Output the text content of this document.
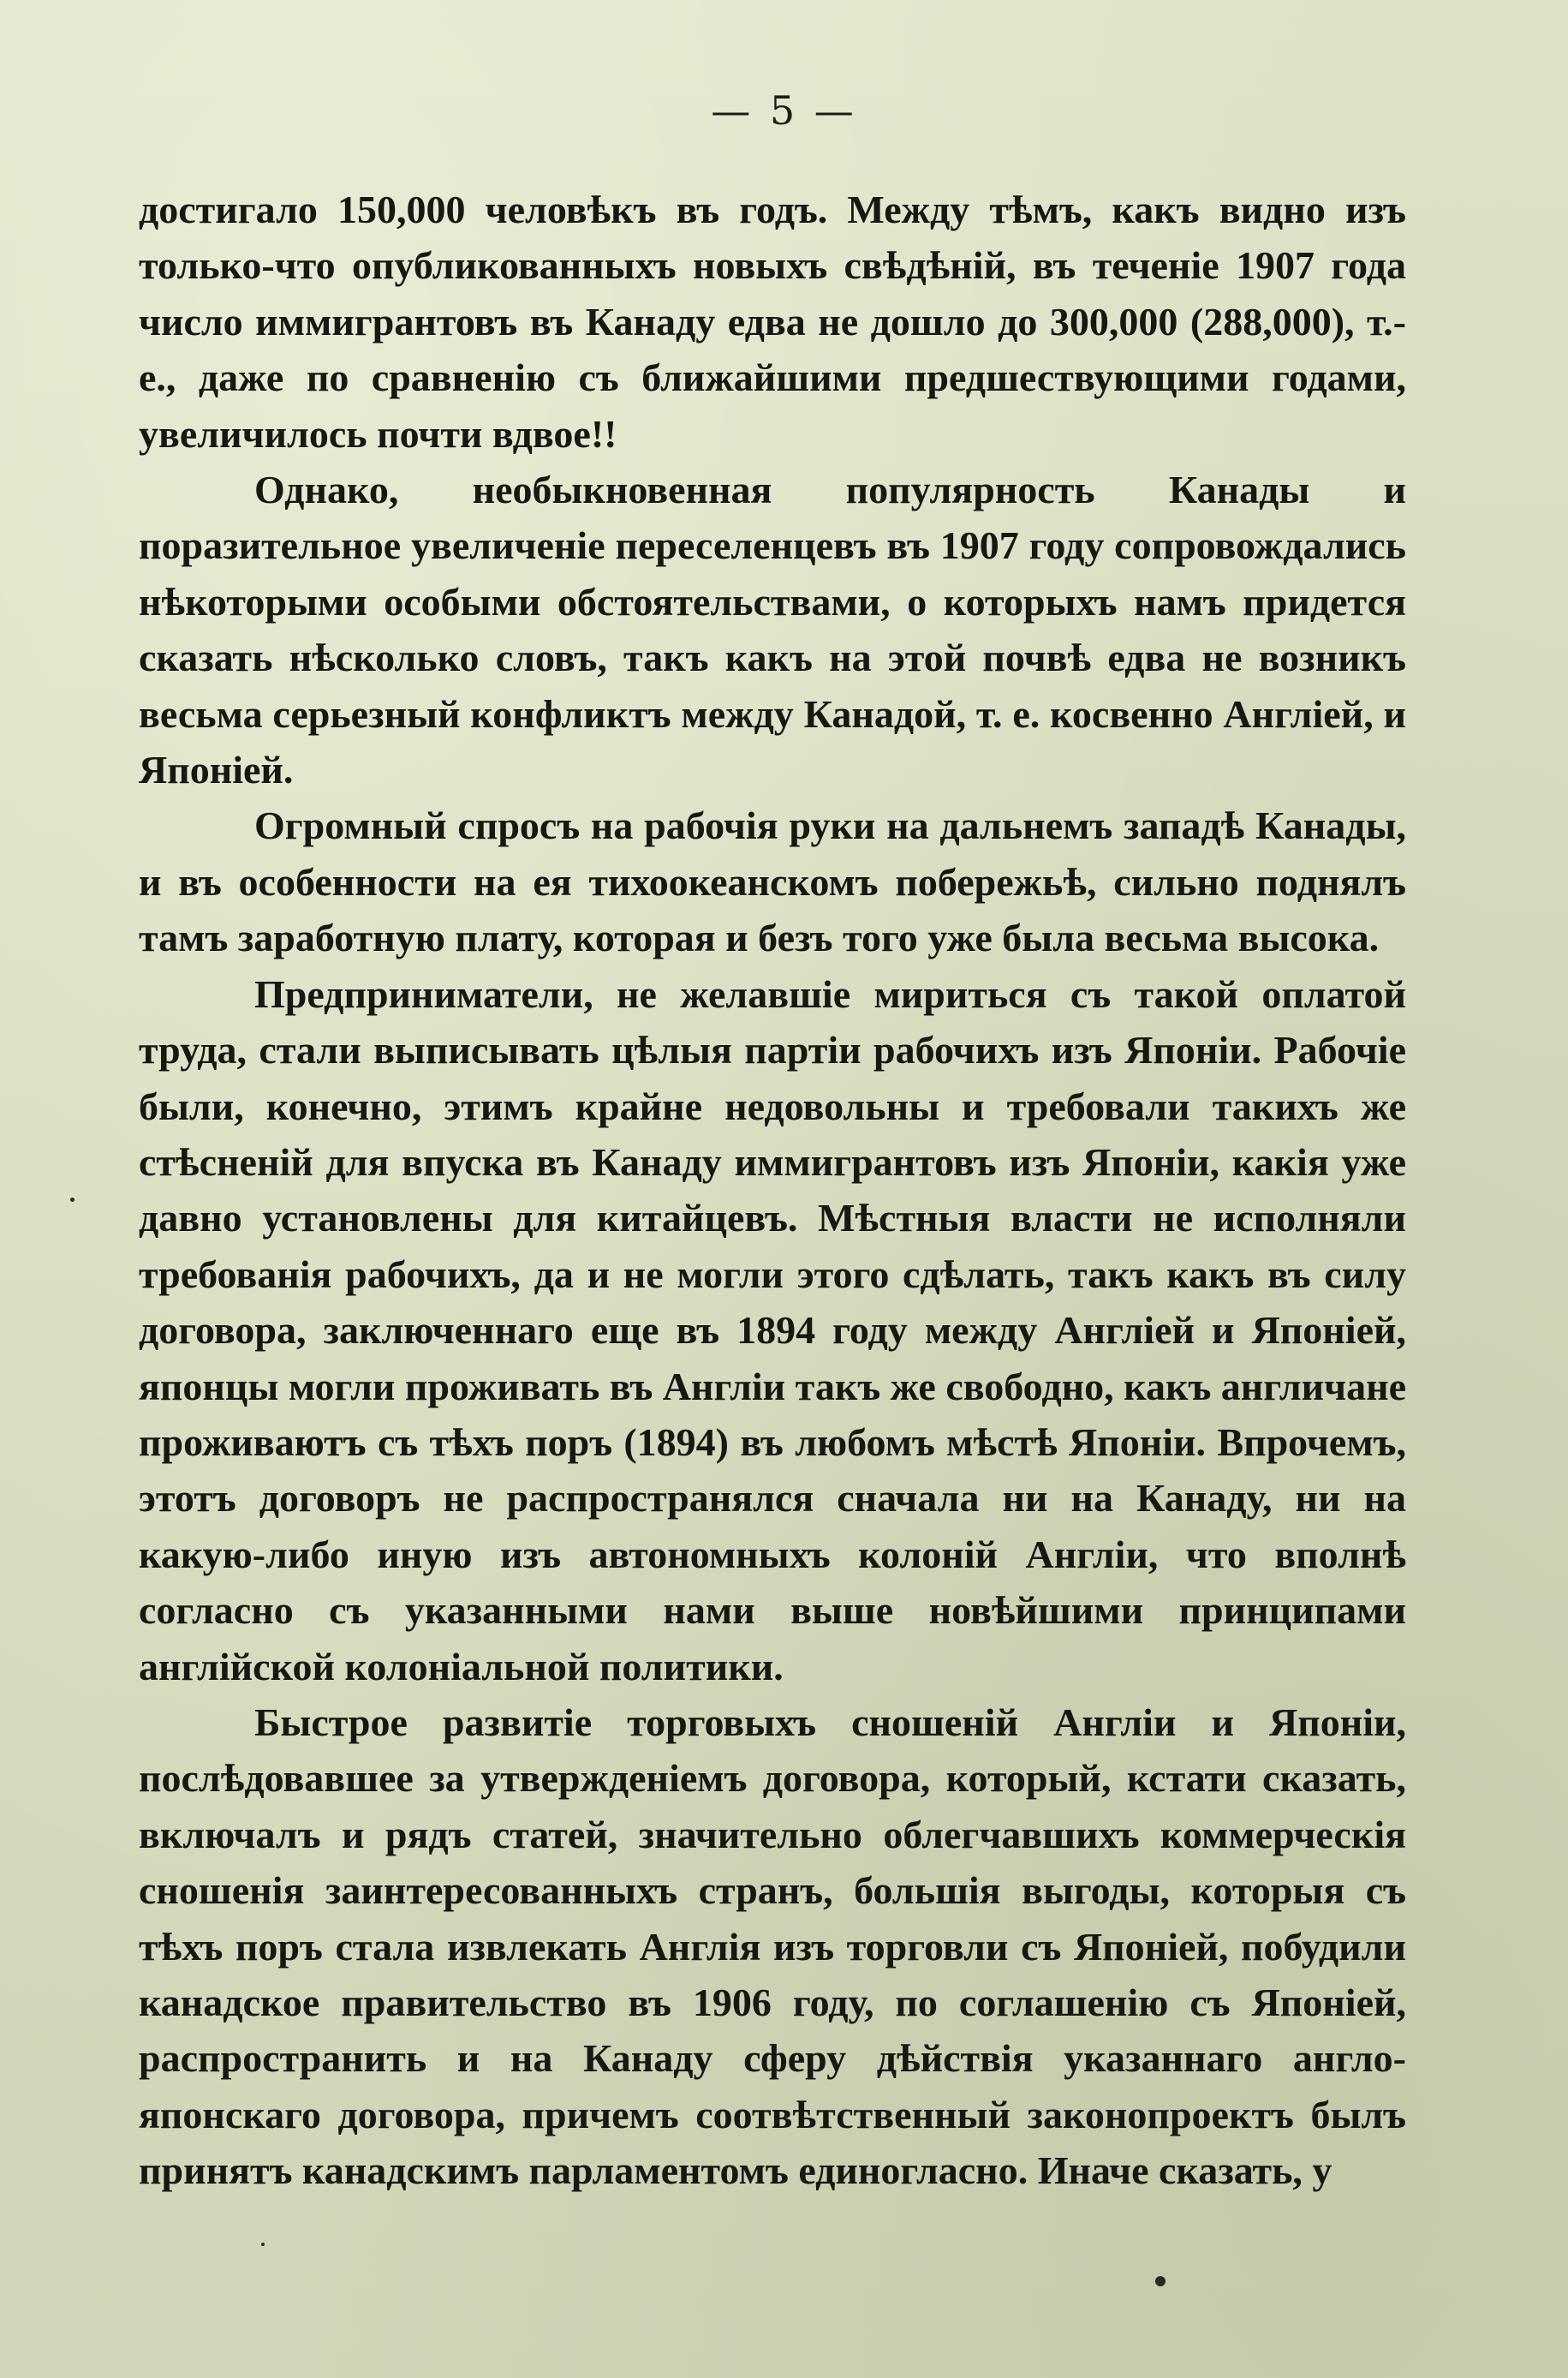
— 5 —

достигало 150,000 человѣкъ въ годъ. Между тѣмъ, какъ видно изъ только-что опубликованныхъ новыхъ свѣдѣній, въ теченіе 1907 года число иммигрантовъ въ Канаду едва не дошло до 300,000 (288,000), т.-е., даже по сравненію съ ближайшими предшествующими годами, увеличилось почти вдвое!!

Однако, необыкновенная популярность Канады и поразительное увеличеніе переселенцевъ въ 1907 году сопровождались нѣкоторыми особыми обстоятельствами, о которыхъ намъ придется сказать нѣсколько словъ, такъ какъ на этой почвѣ едва не возникъ весьма серьезный конфликтъ между Канадой, т. е. косвенно Англіей, и Японіей.

Огромный спросъ на рабочія руки на дальнемъ западѣ Канады, и въ особенности на ея тихоокеанскомъ побережьѣ, сильно поднялъ тамъ заработную плату, которая и безъ того уже была весьма высока.

Предприниматели, не желавшіе мириться съ такой оплатой труда, стали выписывать цѣлыя партіи рабочихъ изъ Японіи. Рабочіе были, конечно, этимъ крайне недовольны и требовали такихъ же стѣсненій для впуска въ Канаду иммигрантовъ изъ Японіи, какія уже давно установлены для китайцевъ. Мѣстныя власти не исполняли требованія рабочихъ, да и не могли этого сдѣлать, такъ какъ въ силу договора, заключеннаго еще въ 1894 году между Англіей и Японіей, японцы могли проживать въ Англіи такъ же свободно, какъ англичане проживаютъ съ тѣхъ поръ (1894) въ любомъ мѣстѣ Японіи. Впрочемъ, этотъ договоръ не распространялся сначала ни на Канаду, ни на какую-либо иную изъ автономныхъ колоній Англіи, что вполнѣ согласно съ указанными нами выше новѣйшими принципами англійской колоніальной политики.

Быстрое развитіе торговыхъ сношеній Англіи и Японіи, послѣдовавшее за утвержденіемъ договора, который, кстати сказать, включалъ и рядъ статей, значительно облегчавшихъ коммерческія сношенія заинтересованныхъ странъ, большія выгоды, которыя съ тѣхъ поръ стала извлекать Англія изъ торговли съ Японіей, побудили канадское правительство въ 1906 году, по соглашенію съ Японіей, распространить и на Канаду сферу дѣйствія указаннаго англо-японскаго договора, причемъ соотвѣтственный законопроектъ былъ принятъ канадскимъ парламентомъ единогласно. Иначе сказать, у
